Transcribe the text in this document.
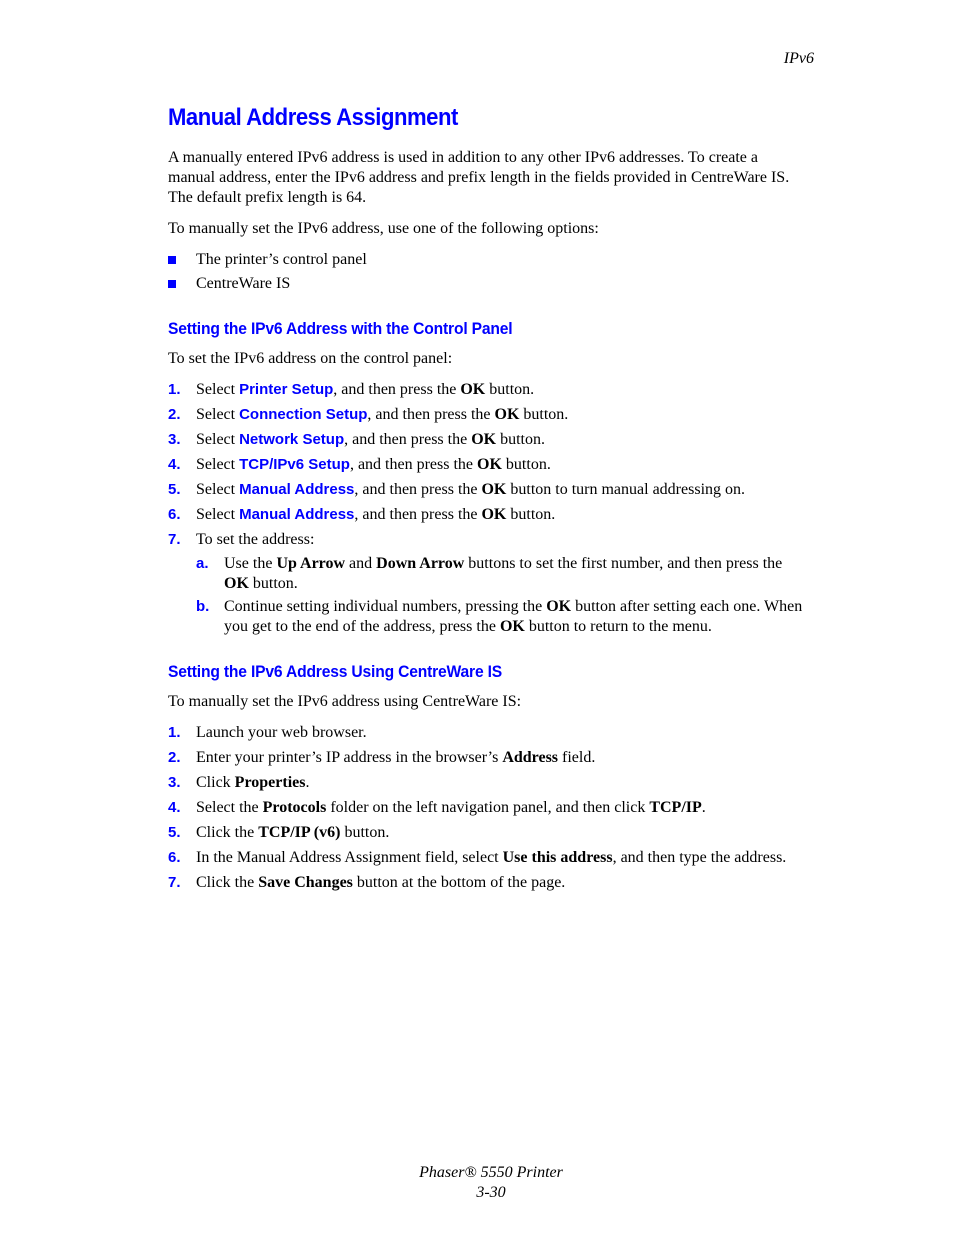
IPv6
Manual Address Assignment

A manually entered IPv6 address is used in addition to any other IPv6 addresses. To create a manual address, enter the IPv6 address and prefix length in the fields provided in CentreWare IS. The default prefix length is 64.

To manually set the IPv6 address, use one of the following options:

The printer’s control panel
CentreWare IS
Setting the IPv6 Address with the Control Panel

To set the IPv6 address on the control panel:

1. Select Printer Setup, and then press the OK button.
2. Select Connection Setup, and then press the OK button.
3. Select Network Setup, and then press the OK button.
4. Select TCP/IPv6 Setup, and then press the OK button.
5. Select Manual Address, and then press the OK button to turn manual addressing on.
6. Select Manual Address, and then press the OK button.
7. To set the address:
a. Use the Up Arrow and Down Arrow buttons to set the first number, and then press the OK button.
b. Continue setting individual numbers, pressing the OK button after setting each one. When you get to the end of the address, press the OK button to return to the menu.
Setting the IPv6 Address Using CentreWare IS

To manually set the IPv6 address using CentreWare IS:

1. Launch your web browser.
2. Enter your printer’s IP address in the browser’s Address field.
3. Click Properties.
4. Select the Protocols folder on the left navigation panel, and then click TCP/IP.
5. Click the TCP/IP (v6) button.
6. In the Manual Address Assignment field, select Use this address, and then type the address.
7. Click the Save Changes button at the bottom of the page.
Phaser® 5550 Printer
3-30
